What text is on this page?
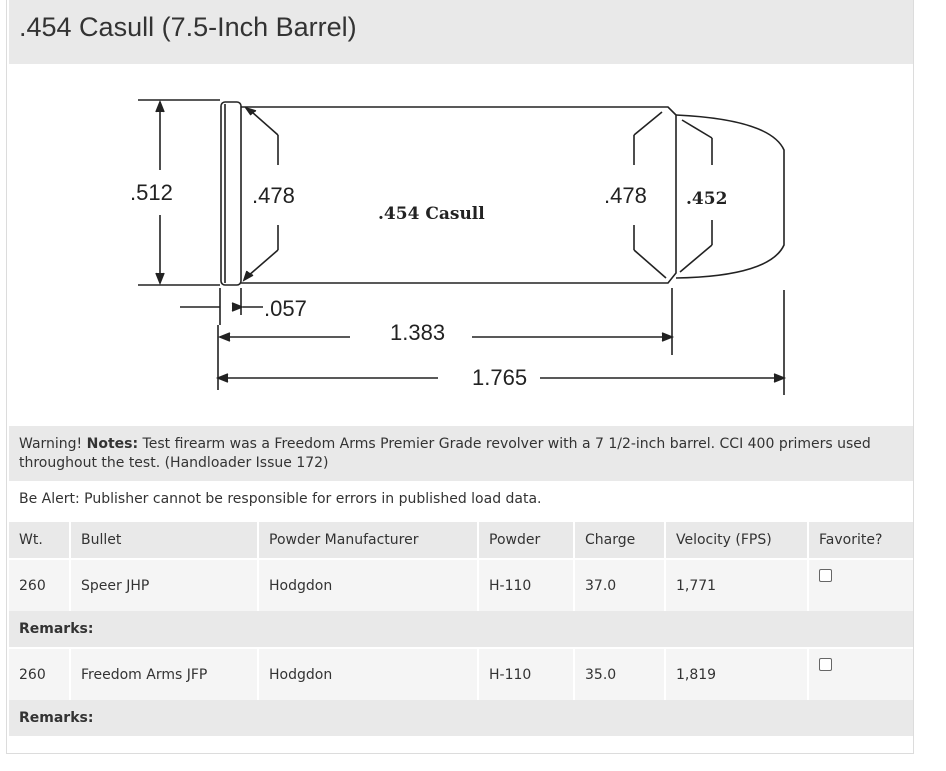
.454 Casull (7.5-Inch Barrel)
.512	.478
.454 Casull
.478 .452
.057
1.383
1.765
Warning! Notes: Test firearm was a Freedom Arms Premier Grade revolver with a 7 1/2-inch barrel. CCI 400 primers used throughout the test. (Handloader Issue 172)
Be Alert: Publisher cannot be responsible for errors in published load data.
Wt.	Bullet	Powder Manufacturer	Powder	Charge	Velocity (FPS)	Favorite?

260	Speer JHP	Hodgdon	H-110	37.0	1,771	
Remarks:						

260	Freedom Arms JFP	Hodgdon	H-110	35.0	1,819	
Remarks:						
